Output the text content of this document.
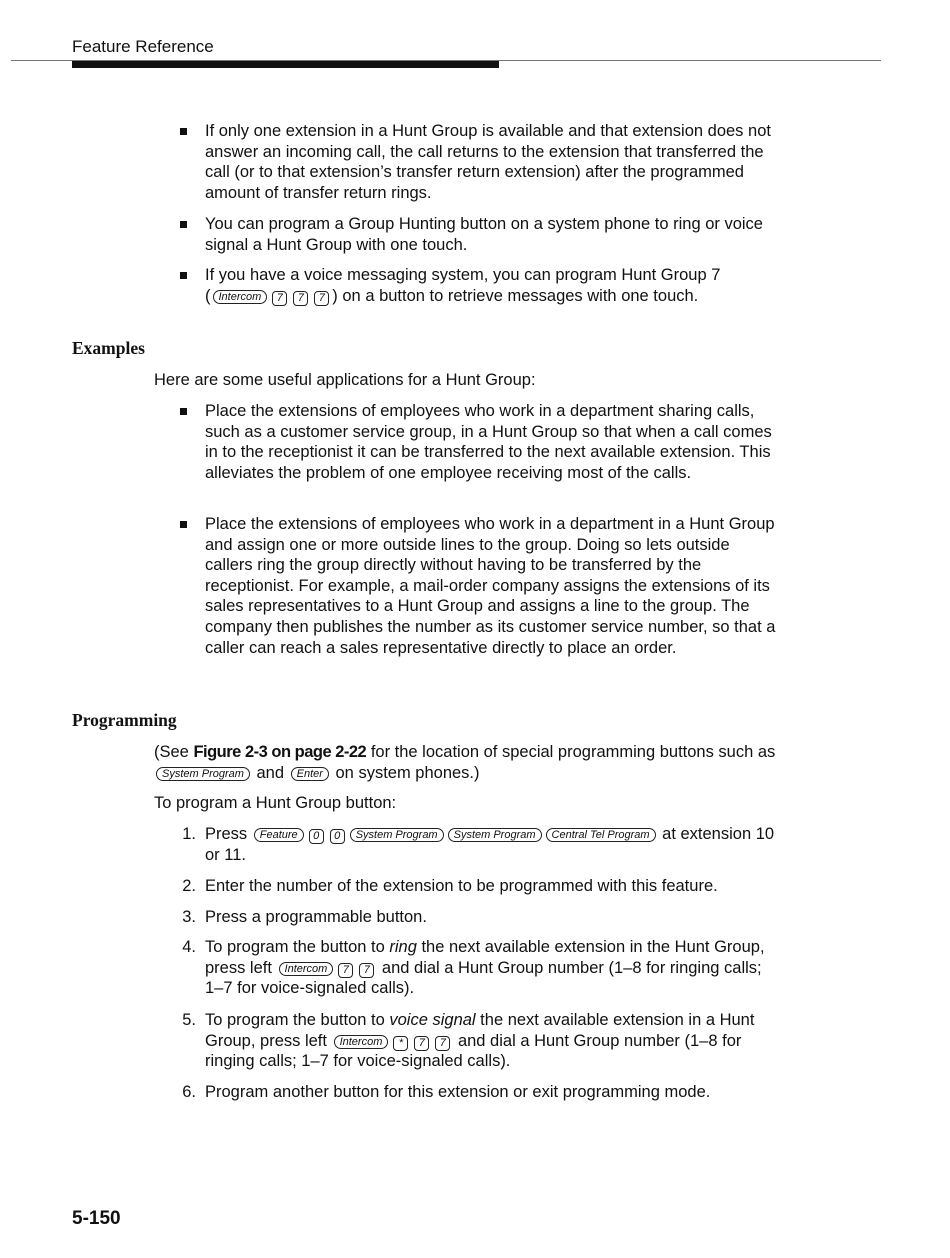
Feature Reference
If only one extension in a Hunt Group is available and that extension does not answer an incoming call, the call returns to the extension that transferred the call (or to that extension’s transfer return extension) after the programmed amount of transfer return rings.
You can program a Group Hunting button on a system phone to ring or voice signal a Hunt Group with one touch.
If you have a voice messaging system, you can program Hunt Group 7
( Intercom 7 7 7 ) on a button to retrieve messages with one touch.
Examples
Here are some useful applications for a Hunt Group:
Place the extensions of employees who work in a department sharing calls, such as a customer service group, in a Hunt Group so that when a call comes in to the receptionist it can be transferred to the next available extension. This alleviates the problem of one employee receiving most of the calls.
Place the extensions of employees who work in a department in a Hunt Group and assign one or more outside lines to the group. Doing so lets outside callers ring the group directly without having to be transferred by the receptionist. For example, a mail-order company assigns the extensions of its sales representatives to a Hunt Group and assigns a line to the group. The company then publishes the number as its customer service number, so that a caller can reach a sales representative directly to place an order.
Programming
(See Figure 2-3 on page 2-22 for the location of special programming buttons such as System Program and Enter on system phones.)
To program a Hunt Group button:
1. Press Feature 0 0 System Program System Program Central Tel Program at extension 10 or 11.
2. Enter the number of the extension to be programmed with this feature.
3. Press a programmable button.
4. To program the button to ring the next available extension in the Hunt Group, press left Intercom 7 7 and dial a Hunt Group number (1–8 for ringing calls; 1–7 for voice-signaled calls).
5. To program the button to voice signal the next available extension in a Hunt Group, press left Intercom * 7 7 and dial a Hunt Group number (1–8 for ringing calls; 1–7 for voice-signaled calls).
6. Program another button for this extension or exit programming mode.
5-150
